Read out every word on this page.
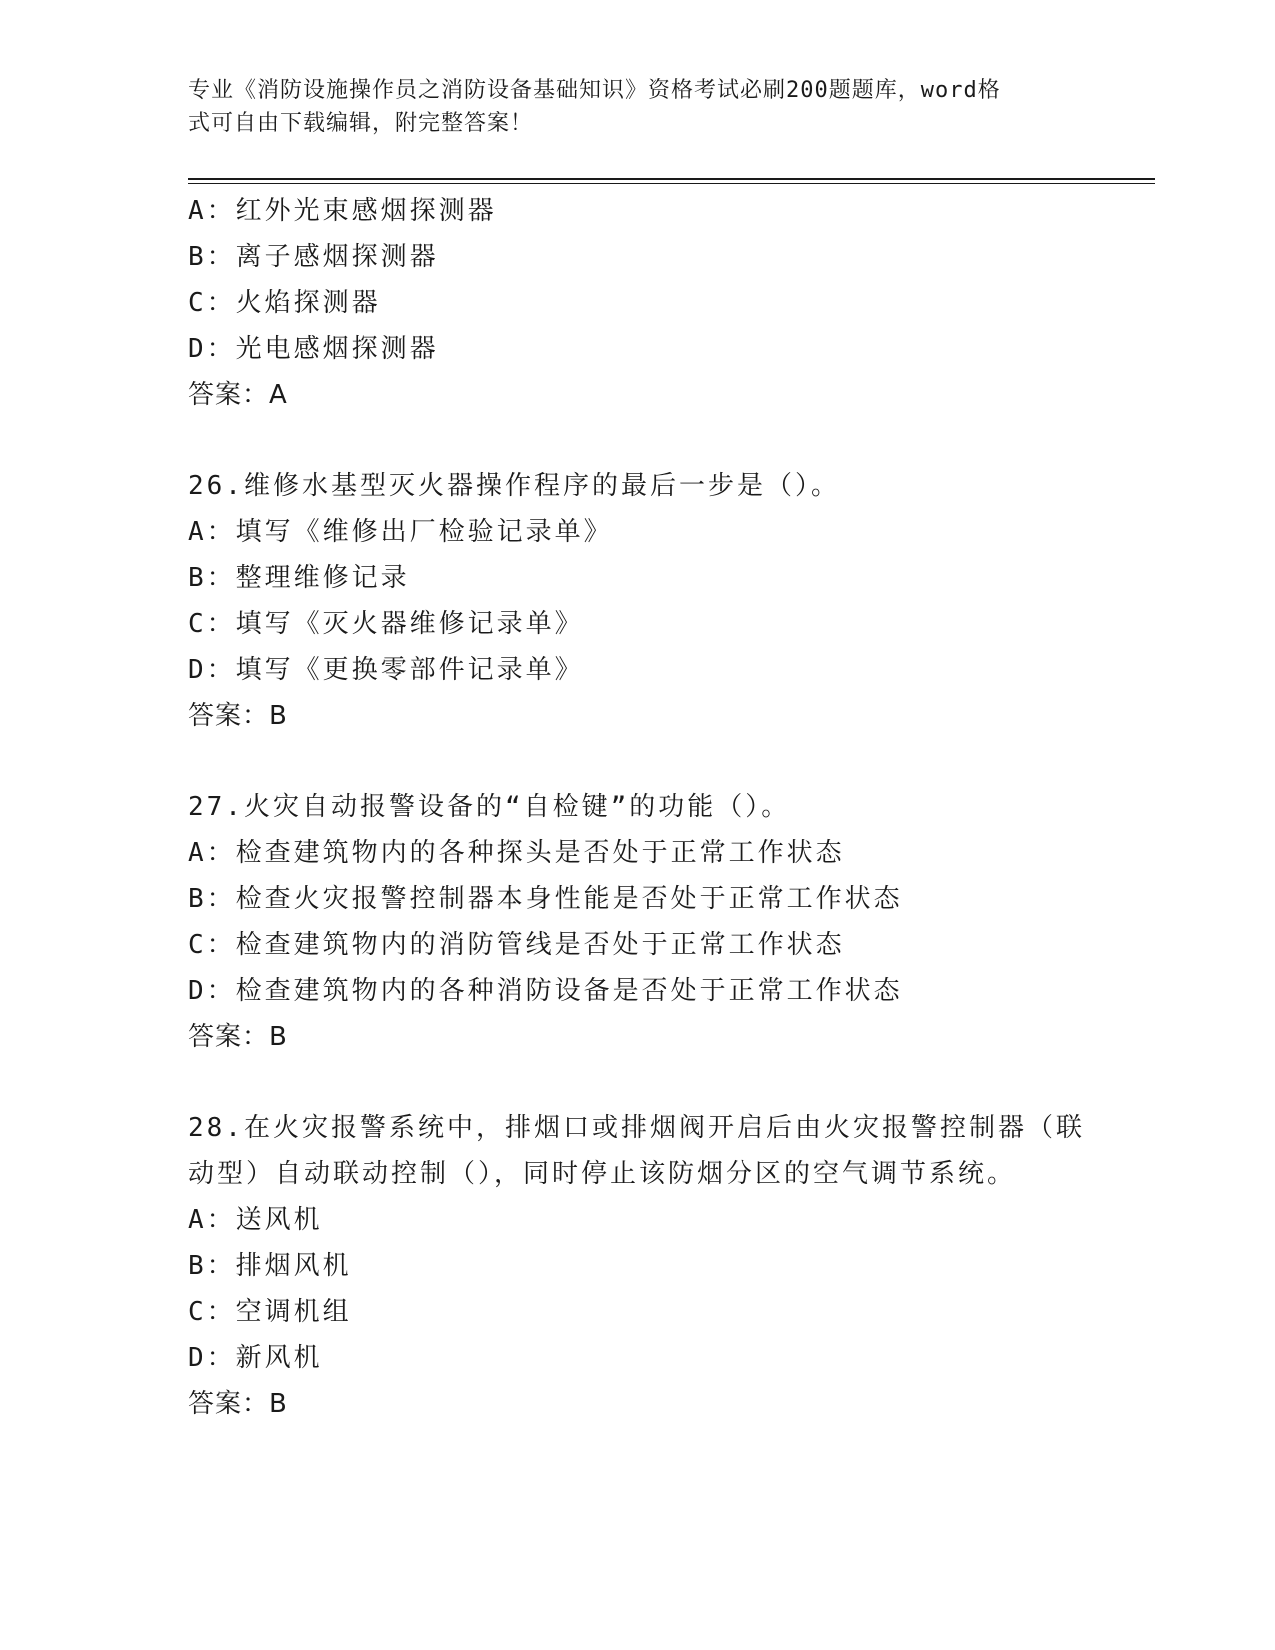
专业《消防设施操作员之消防设备基础知识》资格考试必刷200题题库，word格
式可自由下载编辑，附完整答案！
A：红外光束感烟探测器
B：离子感烟探测器
C：火焰探测器
D：光电感烟探测器
答案：A
26.维修水基型灭火器操作程序的最后一步是（）。
A：填写《维修出厂检验记录单》
B：整理维修记录
C：填写《灭火器维修记录单》
D：填写《更换零部件记录单》
答案：B
27.火灾自动报警设备的“自检键”的功能（）。
A：检查建筑物内的各种探头是否处于正常工作状态
B：检查火灾报警控制器本身性能是否处于正常工作状态
C：检查建筑物内的消防管线是否处于正常工作状态
D：检查建筑物内的各种消防设备是否处于正常工作状态
答案：B
28.在火灾报警系统中，排烟口或排烟阀开启后由火灾报警控制器（联
动型）自动联动控制（），同时停止该防烟分区的空气调节系统。
A：送风机
B：排烟风机
C：空调机组
D：新风机
答案：B
